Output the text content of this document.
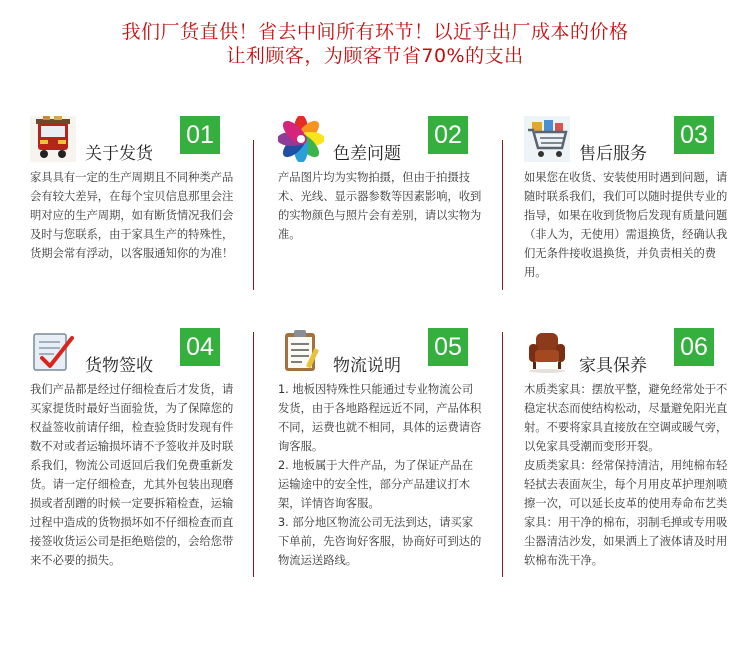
我们厂货直供！省去中间所有环节！以近乎出厂成本的价格
让利顾客，为顾客节省70%的支出
关于发货
01

家具具有一定的生产周期且不同种类产品会有较大差异，在每个宝贝信息那里会注明对应的生产周期，如有断货情况我们会及时与您联系，由于家具生产的特殊性，货期会常有浮动，以客服通知你的为准！

色差问题
02

产品图片均为实物拍摄，但由于拍摄技术、光线、显示器参数等因素影响，收到的实物颜色与照片会有差别，请以实物为准。

售后服务
03

如果您在收货、安装使用时遇到问题，请随时联系我们，我们可以随时提供专业的指导，如果在收到货物后发现有质量问题（非人为，无使用）需退换货，经确认我们无条件接收退换货，并负责相关的费用。

货物签收
04

我们产品都是经过仔细检查后才发货，请买家提货时最好当面验货，为了保障您的权益签收前请仔细，检查验货时发现有件数不对或者运输损坏请不予签收并及时联系我们，物流公司返回后我们免费重新发货。请一定仔细检查，尤其外包装出现磨损或者刮蹭的时候一定要拆箱检查，运输过程中造成的货物损坏如不仔细检查而直接签收货运公司是拒绝赔偿的，会给您带来不必要的损失。

物流说明
05

1. 地板因特殊性只能通过专业物流公司发货，由于各地路程远近不同，产品体积不同，运费也就不相同，具体的运费请咨询客服。

2. 地板属于大件产品，为了保证产品在运输途中的安全性，部分产品建议打木架，详情咨询客服。

3. 部分地区物流公司无法到达，请买家下单前，先咨询好客服，协商好可到达的物流运送路线。

家具保养
06

木质类家具：摆放平整，避免经常处于不稳定状态而使结构松动，尽量避免阳光直射。不要将家具直接放在空调或暖气旁，以免家具受潮而变形开裂。

皮质类家具：经常保持清洁，用纯棉布轻轻拭去表面灰尘，每个月用皮革护理剂喷擦一次，可以延长皮革的使用寿命布艺类家具：用干净的棉布，羽制毛掸或专用吸尘器清洁沙发，如果洒上了液体请及时用软棉布洗干净。
